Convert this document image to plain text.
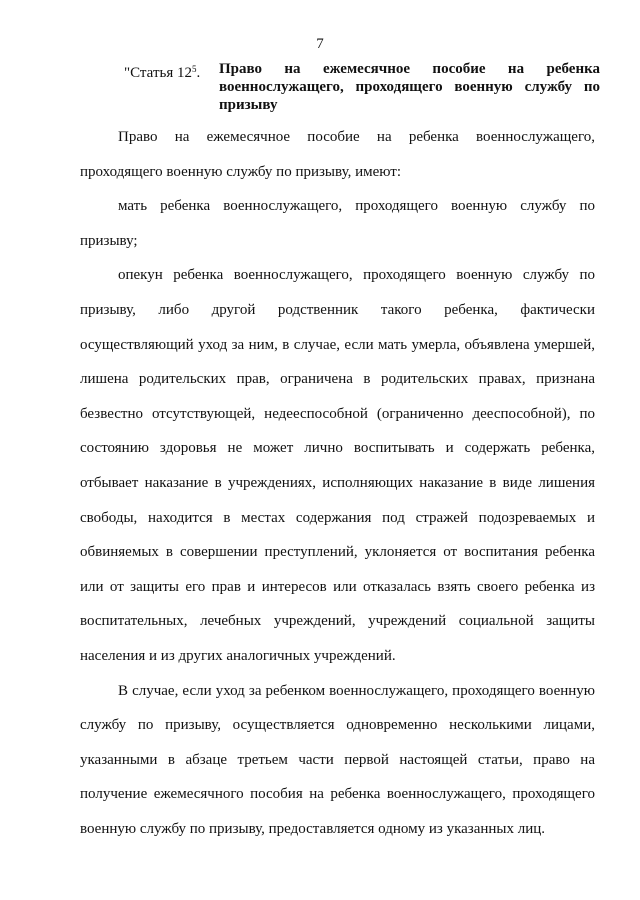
7
"Статья $12^5$. Право на ежемесячное пособие на ребенка военнослужащего, проходящего военную службу по призыву

Право на ежемесячное пособие на ребенка военнослужащего, проходящего военную службу по призыву, имеют:

мать ребенка военнослужащего, проходящего военную службу по призыву;

опекун ребенка военнослужащего, проходящего военную службу по призыву, либо другой родственник такого ребенка, фактически осуществляющий уход за ним, в случае, если мать умерла, объявлена умершей, лишена родительских прав, ограничена в родительских правах, признана безвестно отсутствующей, недееспособной (ограниченно дееспособной), по состоянию здоровья не может лично воспитывать и содержать ребенка, отбывает наказание в учреждениях, исполняющих наказание в виде лишения свободы, находится в местах содержания под стражей подозреваемых и обвиняемых в совершении преступлений, уклоняется от воспитания ребенка или от защиты его прав и интересов или отказалась взять своего ребенка из воспитательных, лечебных учреждений, учреждений социальной защиты населения и из других аналогичных учреждений.

В случае, если уход за ребенком военнослужащего, проходящего военную службу по призыву, осуществляется одновременно несколькими лицами, указанными в абзаце третьем части первой настоящей статьи, право на получение ежемесячного пособия на ребенка военнослужащего, проходящего военную службу по призыву, предоставляется одному из указанных лиц.
